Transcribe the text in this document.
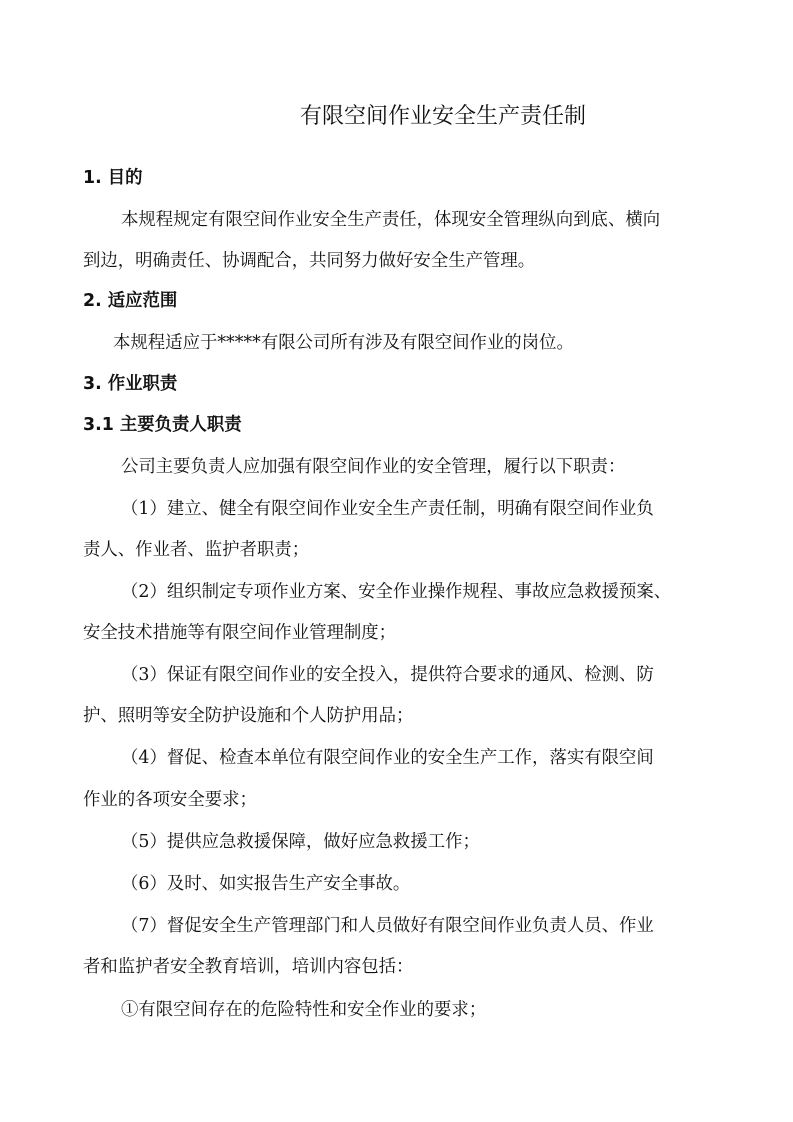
有限空间作业安全生产责任制
1. 目的
本规程规定有限空间作业安全生产责任，体现安全管理纵向到底、横向
到边，明确责任、协调配合，共同努力做好安全生产管理。
2. 适应范围
本规程适应于*****有限公司所有涉及有限空间作业的岗位。
3. 作业职责
3.1 主要负责人职责
公司主要负责人应加强有限空间作业的安全管理，履行以下职责：
（1）建立、健全有限空间作业安全生产责任制，明确有限空间作业负
责人、作业者、监护者职责；
（2）组织制定专项作业方案、安全作业操作规程、事故应急救援预案、
安全技术措施等有限空间作业管理制度；
（3）保证有限空间作业的安全投入，提供符合要求的通风、检测、防
护、照明等安全防护设施和个人防护用品；
（4）督促、检查本单位有限空间作业的安全生产工作，落实有限空间
作业的各项安全要求；
（5）提供应急救援保障，做好应急救援工作；
（6）及时、如实报告生产安全事故。
（7）督促安全生产管理部门和人员做好有限空间作业负责人员、作业
者和监护者安全教育培训，培训内容包括：
①有限空间存在的危险特性和安全作业的要求；
